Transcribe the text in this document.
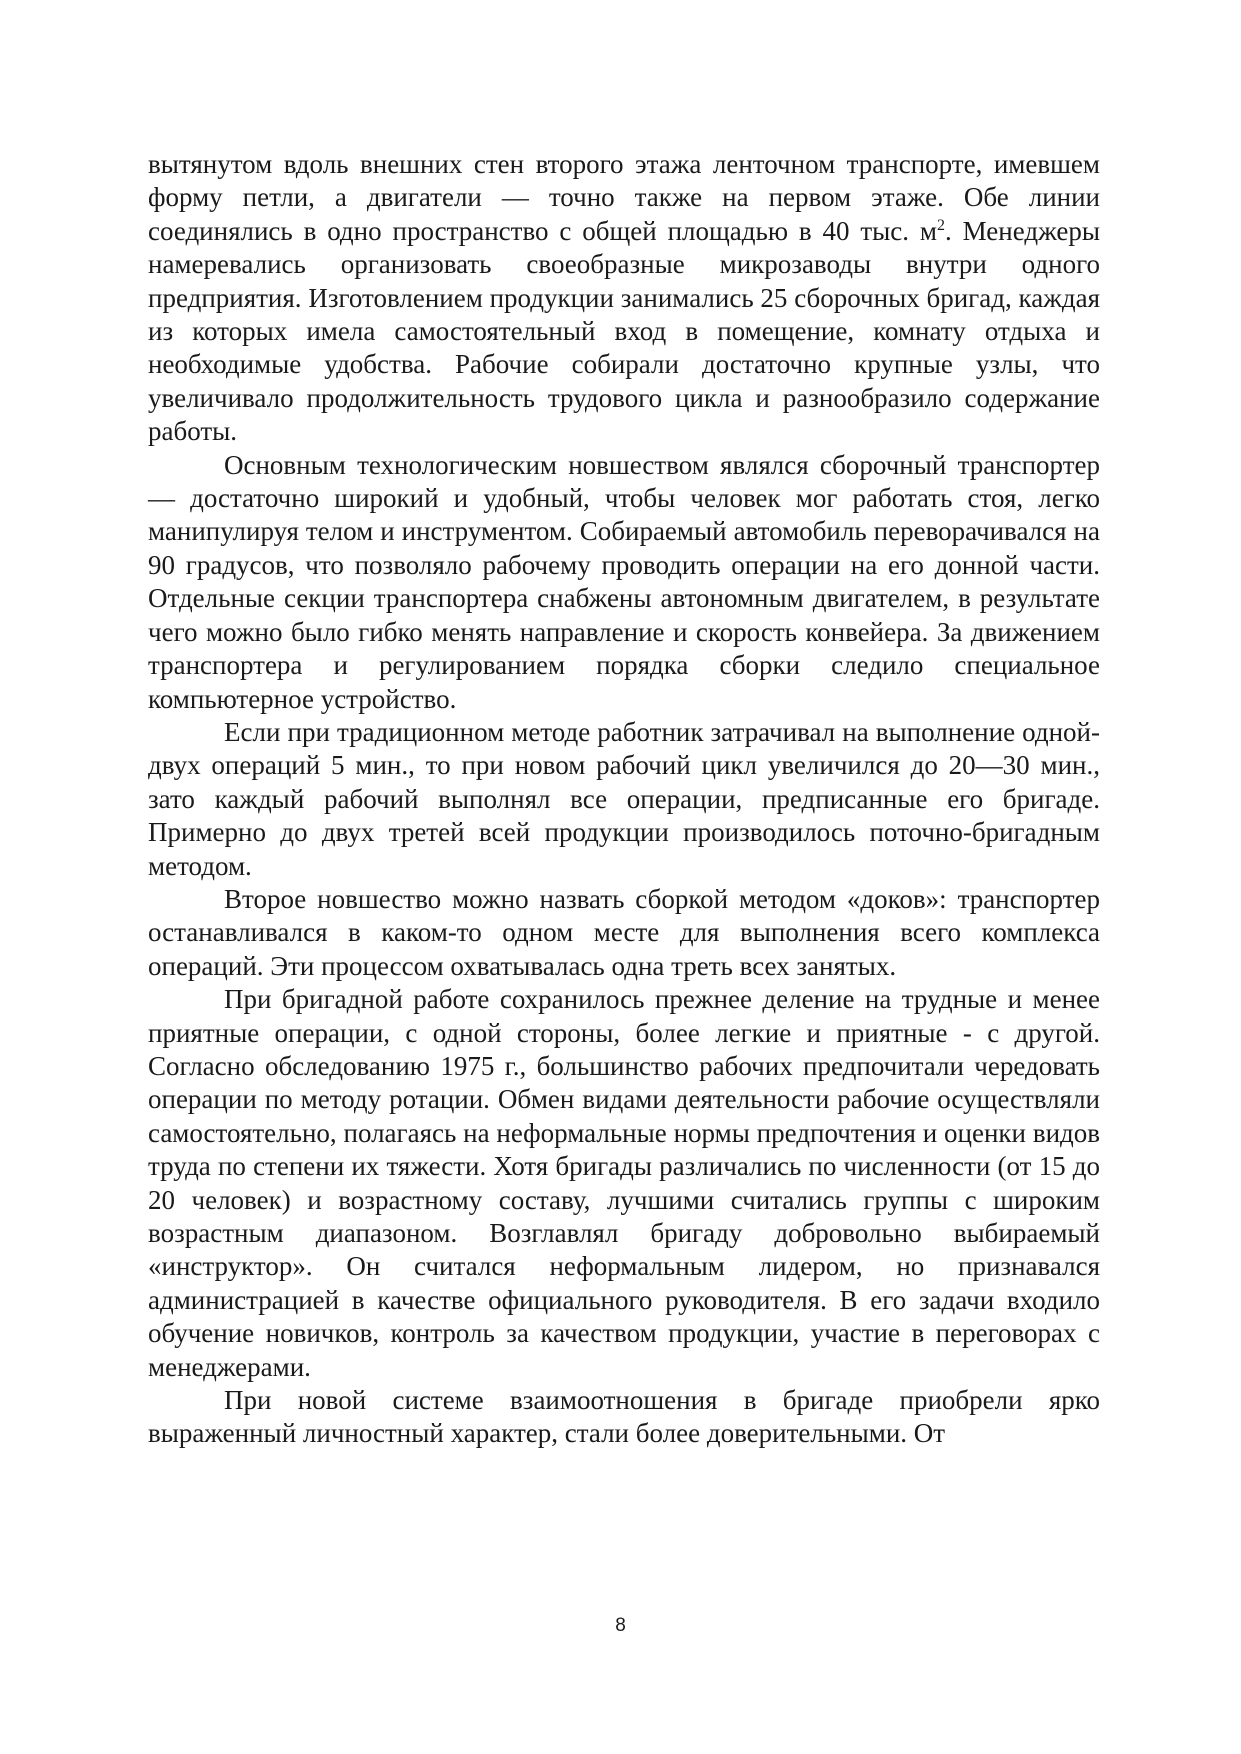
вытянутом вдоль внешних стен второго этажа ленточном транспорте, имевшем форму петли, а двигатели — точно также на первом этаже. Обе линии соединялись в одно пространство с общей площадью в 40 тыс. $м^2$. Менеджеры намеревались организовать своеобразные микрозаводы внутри одного предприятия. Изготовлением продукции занимались 25 сборочных бригад, каждая из которых имела самостоятельный вход в помещение, комнату отдыха и необходимые удобства. Рабочие собирали достаточно крупные узлы, что увеличивало продолжительность трудового цикла и разнообразило содержание работы.

Основным технологическим новшеством являлся сборочный транспортер — достаточно широкий и удобный, чтобы человек мог работать стоя, легко манипулируя телом и инструментом. Собираемый автомобиль переворачивался на 90 градусов, что позволяло рабочему проводить операции на его донной части. Отдельные секции транспортера снабжены автономным двигателем, в результате чего можно было гибко менять направление и скорость конвейера. За движением транспортера и регулированием порядка сборки следило специальное компьютерное устройство.

Если при традиционном методе работник затрачивал на выполнение одной-двух операций 5 мин., то при новом рабочий цикл увеличился до 20—30 мин., зато каждый рабочий выполнял все операции, предписанные его бригаде. Примерно до двух третей всей продукции производилось поточно-бригадным методом.

Второе новшество можно назвать сборкой методом «доков»: транспортер останавливался в каком-то одном месте для выполнения всего комплекса операций. Эти процессом охватывалась одна треть всех занятых.

При бригадной работе сохранилось прежнее деление на трудные и менее приятные операции, с одной стороны, более легкие и приятные - с другой. Согласно обследованию 1975 г., большинство рабочих предпочитали чередовать операции по методу ротации. Обмен видами деятельности рабочие осуществляли самостоятельно, полагаясь на неформальные нормы предпочтения и оценки видов труда по степени их тяжести. Хотя бригады различались по численности (от 15 до 20 человек) и возрастному составу, лучшими считались группы с широким возрастным диапазоном. Возглавлял бригаду добровольно выбираемый «инструктор». Он считался неформальным лидером, но признавался администрацией в качестве официального руководителя. В его задачи входило обучение новичков, контроль за качеством продукции, участие в переговорах с менеджерами.

При новой системе взаимоотношения в бригаде приобрели ярко выраженный личностный характер, стали более доверительными. От

8
